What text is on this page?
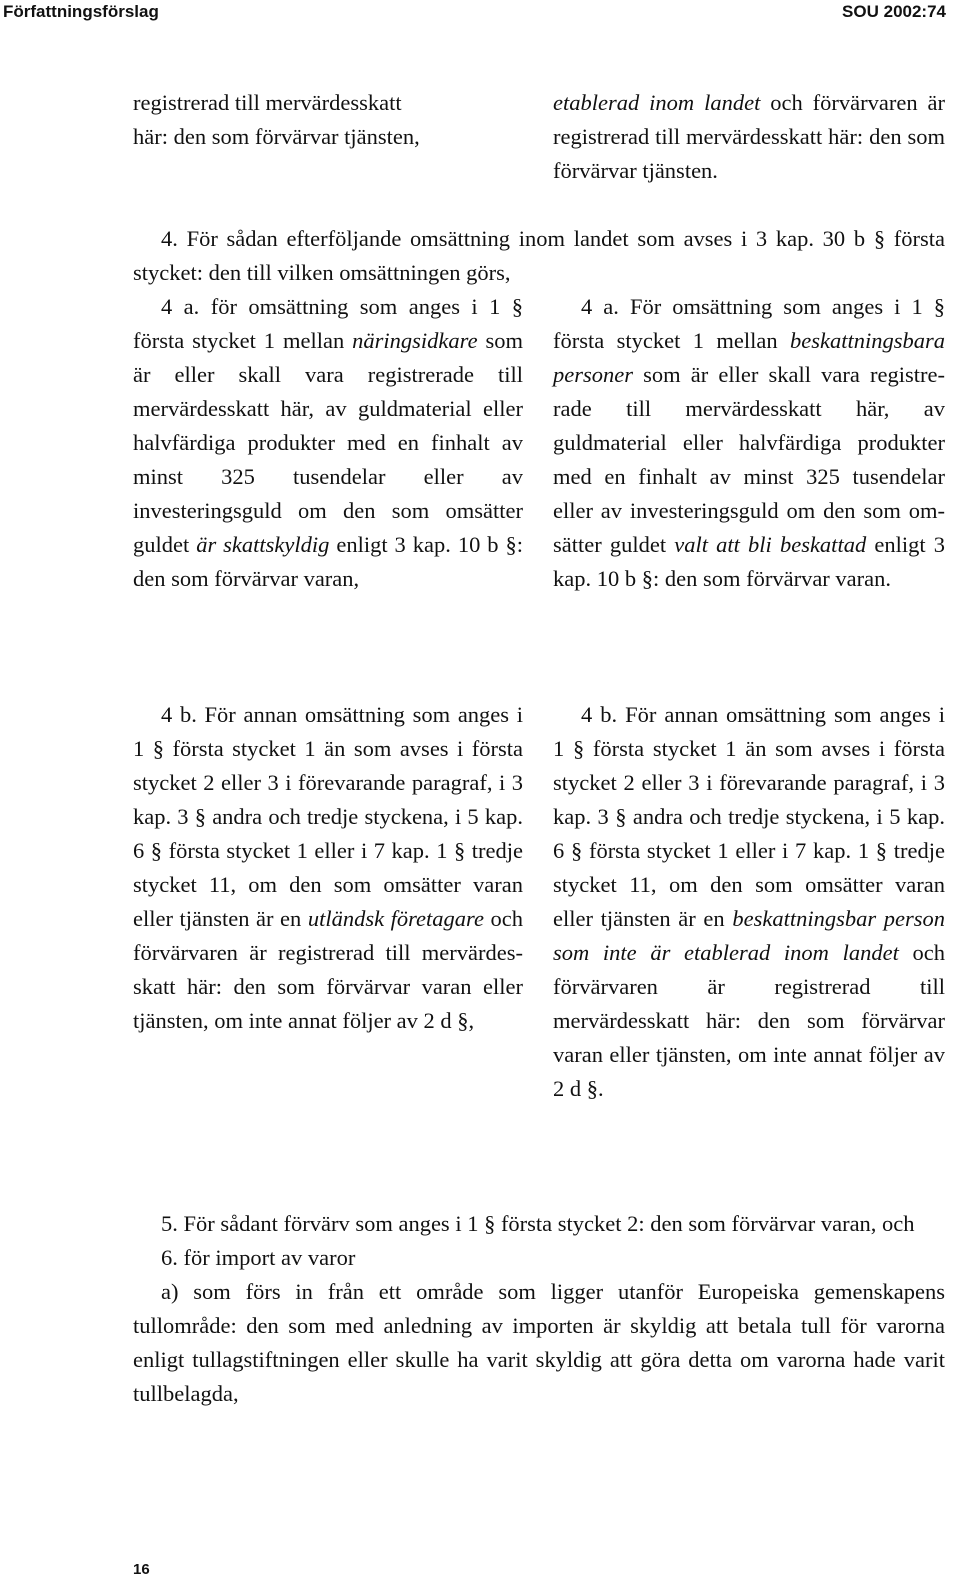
Författningsförslag	SOU 2002:74

registrerad till mervärdesskatt

här: den som förvärvar tjänsten,

etablerad inom landet och förvärvaren är registrerad till mervärdesskatt här: den som förvärvar tjänsten.

4. För sådan efterföljande omsättning inom landet som avses i 3 kap. 30 b § första stycket: den till vilken omsättningen görs,

4 a. för omsättning som anges i 1 § första stycket 1 mellan näringsidkare som är eller skall vara registrerade till mervärdesskatt här, av guldmaterial eller halvfärdiga produkter med en finhalt av minst 325 tusendelar eller av investeringsguld om den som omsätter guldet är skattskyldig enligt 3 kap. 10 b §: den som förvärvar varan,

4 a. För omsättning som anges i 1 § första stycket 1 mellan beskattningsbara personer som är eller skall vara registrerade till mervärdesskatt här, av guldmaterial eller halvfärdiga produkter med en finhalt av minst 325 tusendelar eller av investeringsguld om den som omsätter guldet valt att bli beskattad enligt 3 kap. 10 b §: den som förvärvar varan.

4 b. För annan omsättning som anges i 1 § första stycket 1 än som avses i första stycket 2 eller 3 i förevarande paragraf, i 3 kap. 3 § andra och tredje styckena, i 5 kap. 6 § första stycket 1 eller i 7 kap. 1 § tredje stycket 11, om den som omsätter varan eller tjänsten är en utländsk företagare och förvärvaren är registrerad till mervärdesskatt här: den som förvärvar varan eller tjänsten, om inte annat följer av 2 d §,

4 b. För annan omsättning som anges i 1 § första stycket 1 än som avses i första stycket 2 eller 3 i förevarande paragraf, i 3 kap. 3 § andra och tredje styckena, i 5 kap. 6 § första stycket 1 eller i 7 kap. 1 § tredje stycket 11, om den som omsätter varan eller tjänsten är en beskattningsbar person som inte är etablerad inom landet och förvärvaren är registrerad till mervärdesskatt här: den som förvärvar varan eller tjänsten, om inte annat följer av 2 d §.

5. För sådant förvärv som anges i 1 § första stycket 2: den som förvärvar varan, och

6. för import av varor

a) som förs in från ett område som ligger utanför Europeiska gemenskapens tullområde: den som med anledning av importen är skyldig att betala tull för varorna enligt tullagstiftningen eller skulle ha varit skyldig att göra detta om varorna hade varit tullbelagda,

16
